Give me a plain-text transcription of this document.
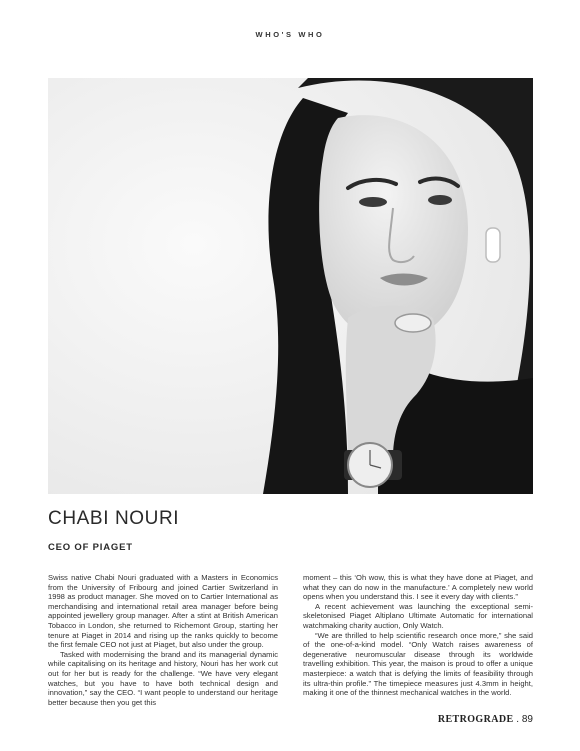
WHO'S WHO
CHABI NOURI
CEO OF PIAGET

Swiss native Chabi Nouri graduated with a Masters in Economics from the University of Fribourg and joined Cartier Switzerland in 1998 as product manager. She moved on to Cartier International as merchandising and international retail area manager before being appointed jewellery group manager. After a stint at British American Tobacco in London, she returned to Richemont Group, starting her tenure at Piaget in 2014 and rising up the ranks quickly to become the first female CEO not just at Piaget, but also under the group.

Tasked with modernising the brand and its managerial dynamic while capitalising on its heritage and history, Nouri has her work cut out for her but is ready for the challenge. “We have very elegant watches, but you have to have both technical design and innovation,” say the CEO. “I want people to understand our heritage better because then you get this

moment – this ‘Oh wow, this is what they have done at Piaget, and what they can do now in the manufacture.’ A completely new world opens when you understand this. I see it every day with clients.”

A recent achievement was launching the exceptional semi-skeletonised Piaget Altiplano Ultimate Automatic for international watchmaking charity auction, Only Watch.

“We are thrilled to help scientific research once more,” she said of the one-of-a-kind model. “Only Watch raises awareness of degenerative neuromuscular disease through its worldwide travelling exhibition. This year, the maison is proud to offer a unique masterpiece: a watch that is defying the limits of feasibility through its ultra-thin profile.” The timepiece measures just 4.3mm in height, making it one of the thinnest mechanical watches in the world.

RETROGRADE . 89
